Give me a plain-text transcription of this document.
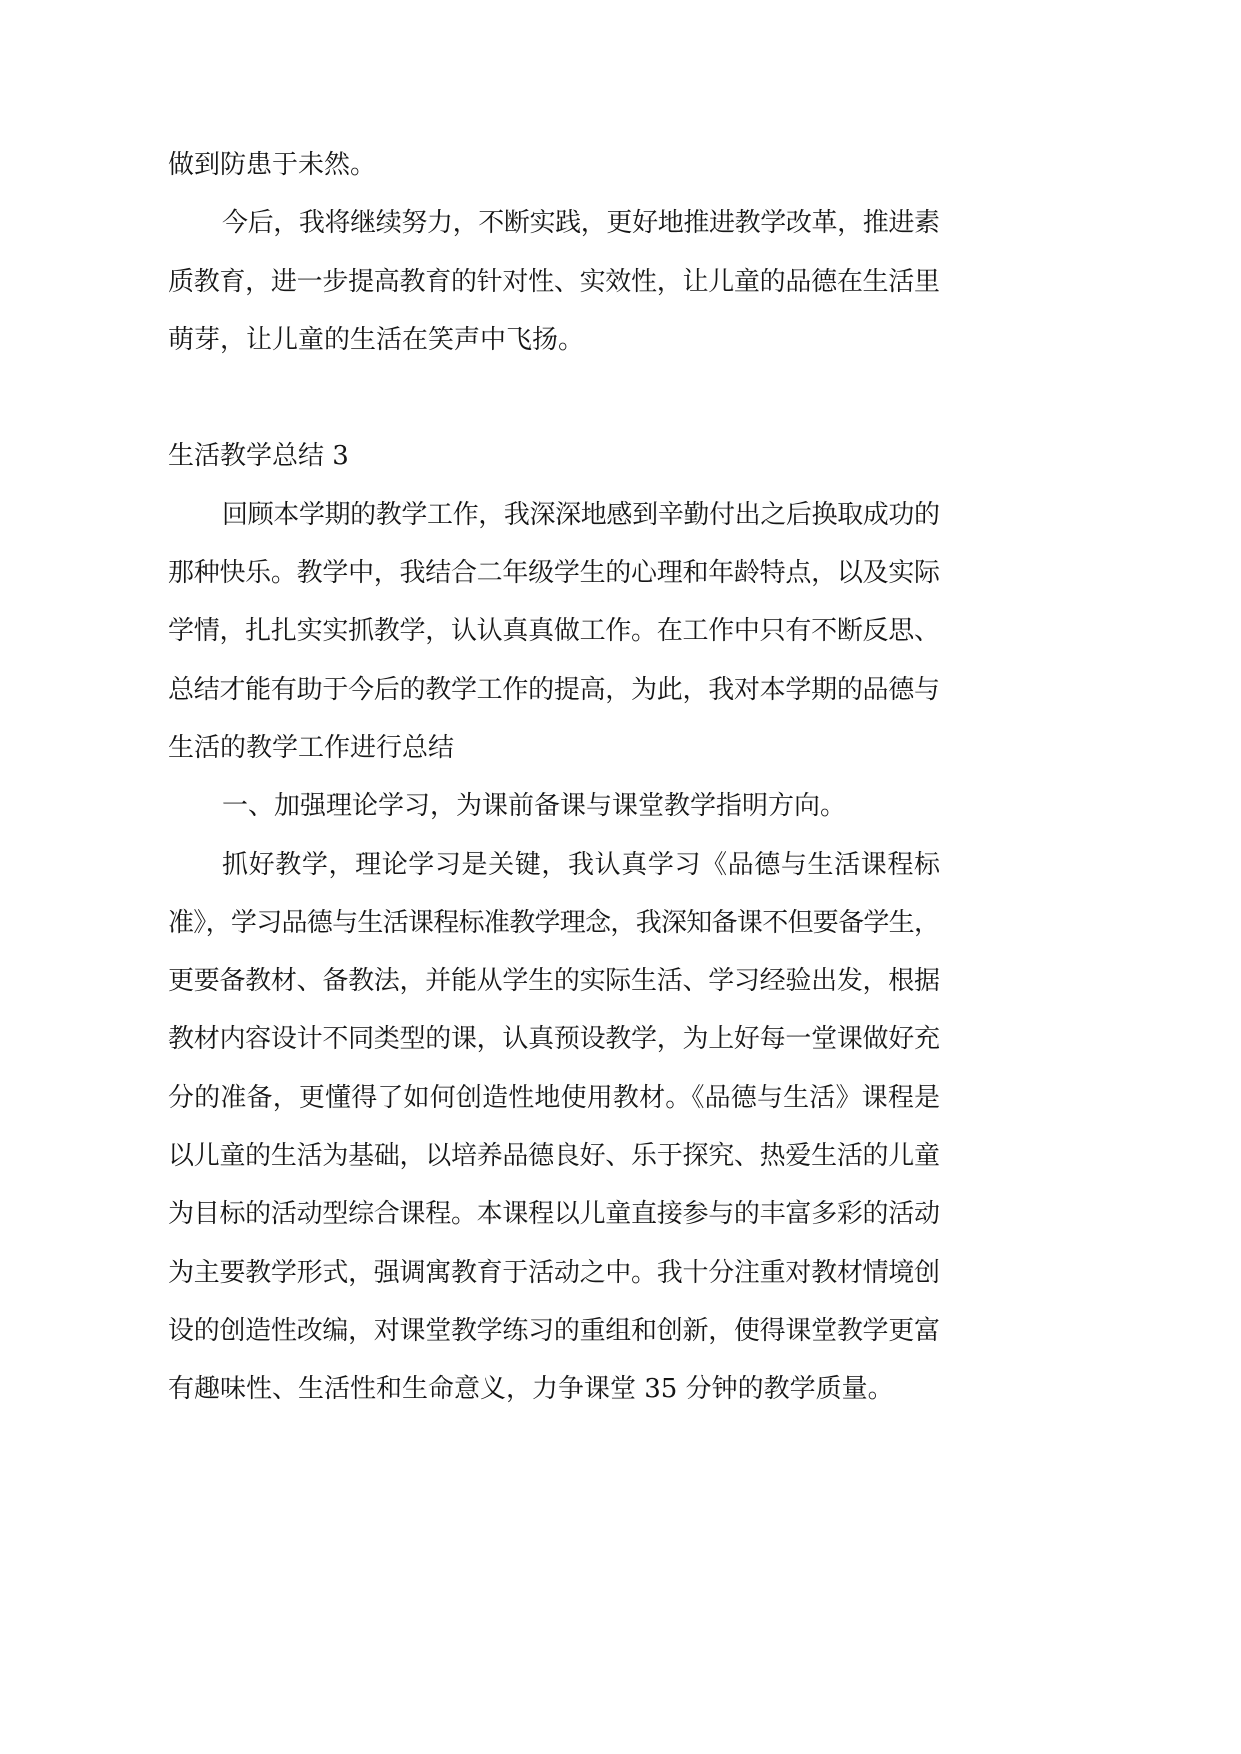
做到防患于未然。
今后，我将继续努力，不断实践，更好地推进教学改革，推进素
质教育，进一步提高教育的针对性、实效性，让儿童的品德在生活里
萌芽，让儿童的生活在笑声中飞扬。
生活教学总结 3
回顾本学期的教学工作，我深深地感到辛勤付出之后换取成功的
那种快乐。教学中，我结合二年级学生的心理和年龄特点，以及实际
学情，扎扎实实抓教学，认认真真做工作。在工作中只有不断反思、
总结才能有助于今后的教学工作的提高，为此，我对本学期的品德与
生活的教学工作进行总结
一、加强理论学习，为课前备课与课堂教学指明方向。
抓好教学，理论学习是关键，我认真学习《品德与生活课程标
准》，学习品德与生活课程标准教学理念，我深知备课不但要备学生，
更要备教材、备教法，并能从学生的实际生活、学习经验出发，根据
教材内容设计不同类型的课，认真预设教学，为上好每一堂课做好充
分的准备，更懂得了如何创造性地使用教材。《品德与生活》课程是
以儿童的生活为基础，以培养品德良好、乐于探究、热爱生活的儿童
为目标的活动型综合课程。本课程以儿童直接参与的丰富多彩的活动
为主要教学形式，强调寓教育于活动之中。我十分注重对教材情境创
设的创造性改编，对课堂教学练习的重组和创新，使得课堂教学更富
有趣味性、生活性和生命意义，力争课堂 35 分钟的教学质量。
